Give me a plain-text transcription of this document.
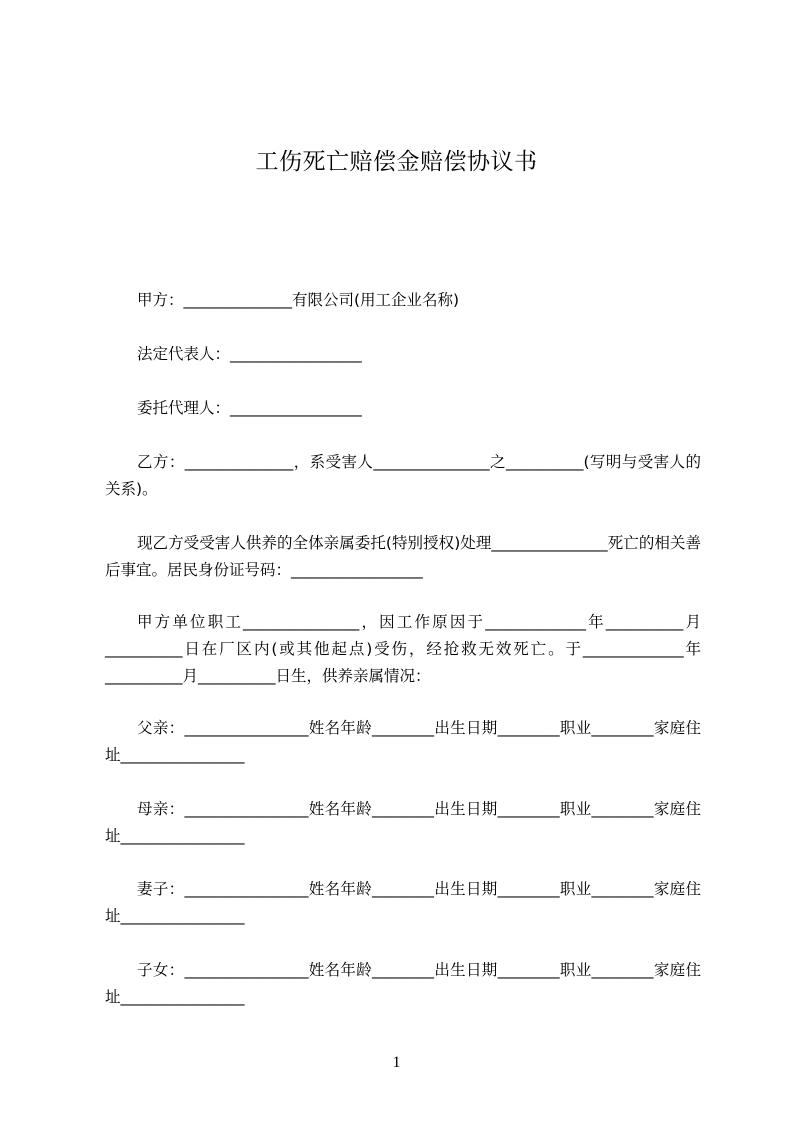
工伤死亡赔偿金赔偿协议书

甲方：______________有限公司(用工企业名称)

法定代表人：_________________

委托代理人：_________________

乙方：______________，系受害人_______________之__________(写明与受害人的关系)。

现乙方受受害人供养的全体亲属委托(特别授权)处理_______________死亡的相关善后事宜。居民身份证号码：_________________

甲方单位职工_______________，因工作原因于_____________年__________月__________日在厂区内(或其他起点)受伤，经抢救无效死亡。于_____________年__________月__________日生，供养亲属情况：

父亲：________________姓名年龄________出生日期________职业________家庭住址________________

母亲：________________姓名年龄________出生日期________职业________家庭住址________________

妻子：________________姓名年龄________出生日期________职业________家庭住址________________

子女：________________姓名年龄________出生日期________职业________家庭住址________________

1
